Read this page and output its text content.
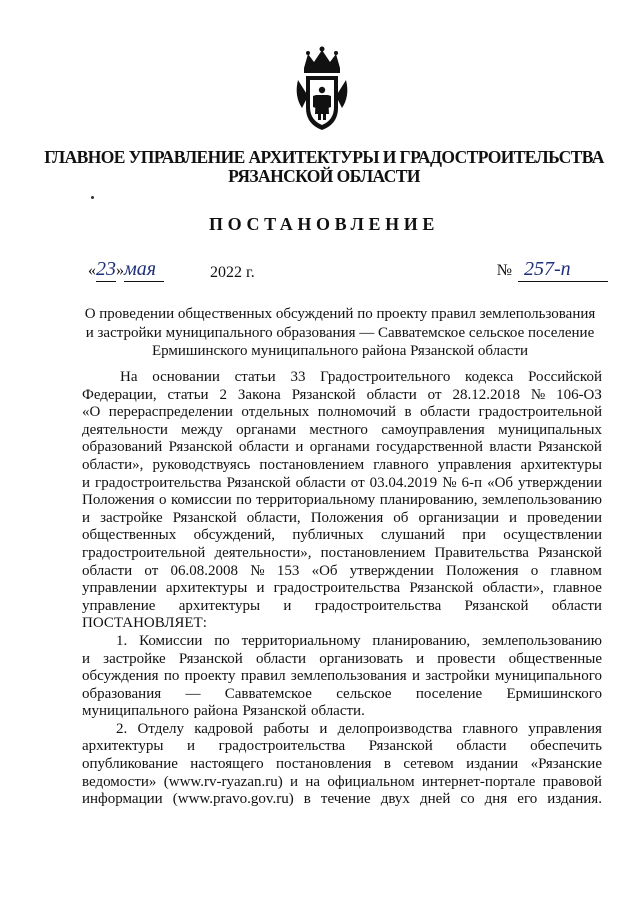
ГЛАВНОЕ УПРАВЛЕНИЕ АРХИТЕКТУРЫ И ГРАДОСТРОИТЕЛЬСТВА
РЯЗАНСКОЙ ОБЛАСТИ
ПОСТАНОВЛЕНИЕ
«23»мая	2022 г.	№ 257-п
О проведении общественных обсуждений по проекту правил землепользования
и застройки муниципального образования — Савватемское сельское поселение
Ермишинского муниципального района Рязанской области
На основании статьи 33 Градостроительного кодекса Российской
Федерации, статьи 2 Закона Рязанской области от 28.12.2018 № 106-ОЗ
«О перераспределении отдельных полномочий в области градостроительной
деятельности между органами местного самоуправления муниципальных
образований Рязанской области и органами государственной власти Рязанской
области», руководствуясь постановлением главного управления архитектуры
и градостроительства Рязанской области от 03.04.2019 № 6-п «Об утверждении
Положения о комиссии по территориальному планированию, землепользованию
и застройке Рязанской области, Положения об организации и проведении
общественных обсуждений, публичных слушаний при осуществлении
градостроительной деятельности», постановлением Правительства Рязанской
области от 06.08.2008 № 153 «Об утверждении Положения о главном
управлении архитектуры и градостроительства Рязанской области», главное
управление архитектуры и градостроительства Рязанской области
ПОСТАНОВЛЯЕТ:
1. Комиссии по территориальному планированию, землепользованию
и застройке Рязанской области организовать и провести общественные
обсуждения по проекту правил землепользования и застройки муниципального
образования — Савватемское сельское поселение Ермишинского
муниципального района Рязанской области.
2. Отделу кадровой работы и делопроизводства главного управления
архитектуры и градостроительства Рязанской области обеспечить
опубликование настоящего постановления в сетевом издании «Рязанские
ведомости» (www.rv-ryazan.ru) и на официальном интернет-портале правовой
информации (www.pravo.gov.ru) в течение двух дней со дня его издания.
